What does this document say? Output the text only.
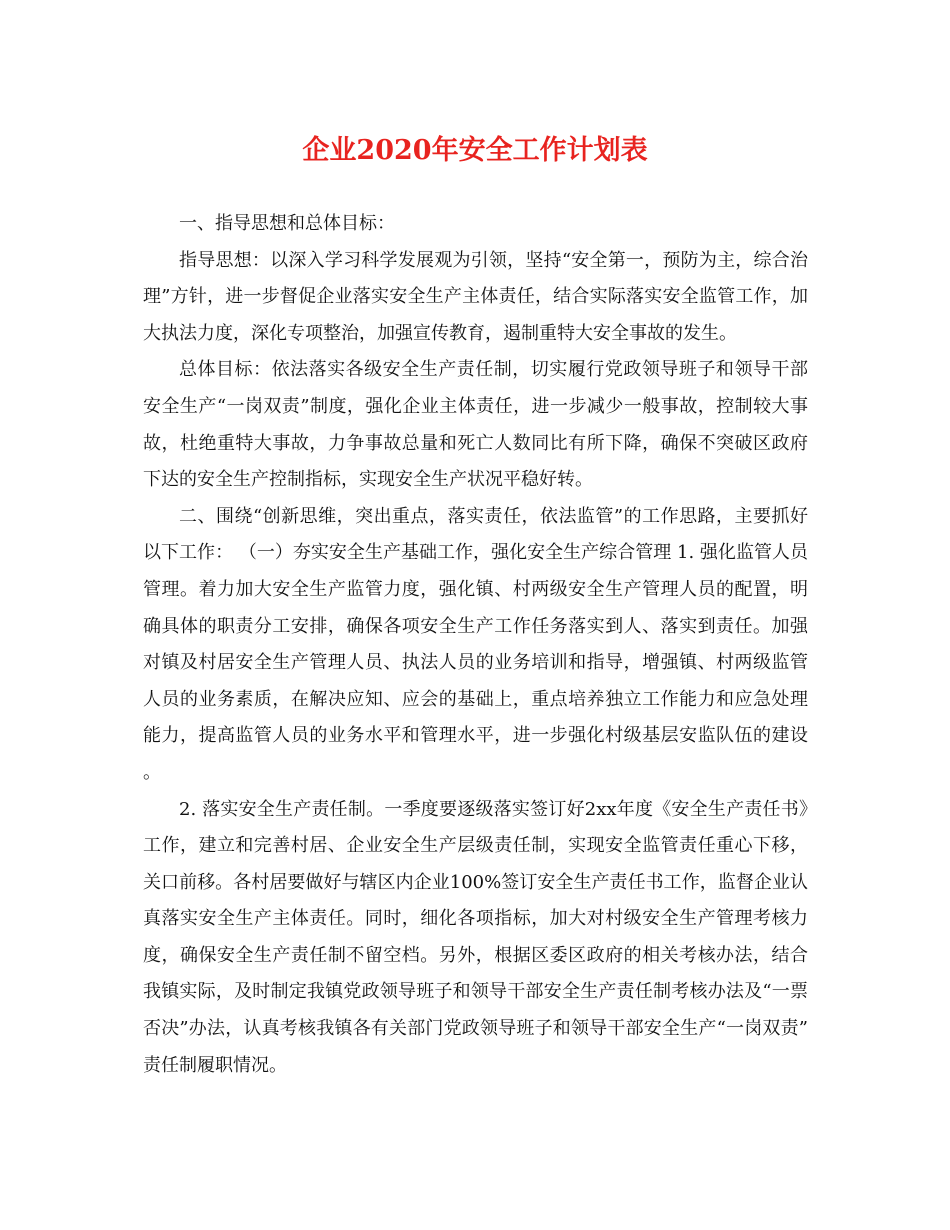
企业2020年安全工作计划表

一、指导思想和总体目标：

指导思想：以深入学习科学发展观为引领，坚持“安全第一，预防为主，综合治理”方针，进一步督促企业落实安全生产主体责任，结合实际落实安全监管工作，加大执法力度，深化专项整治，加强宣传教育，遏制重特大安全事故的发生。

总体目标：依法落实各级安全生产责任制，切实履行党政领导班子和领导干部安全生产“一岗双责”制度，强化企业主体责任，进一步减少一般事故，控制较大事故，杜绝重特大事故，力争事故总量和死亡人数同比有所下降，确保不突破区政府下达的安全生产控制指标，实现安全生产状况平稳好转。

二、围绕“创新思维，突出重点，落实责任，依法监管”的工作思路，主要抓好以下工作： （一）夯实安全生产基础工作，强化安全生产综合管理 1. 强化监管人员管理。着力加大安全生产监管力度，强化镇、村两级安全生产管理人员的配置，明确具体的职责分工安排，确保各项安全生产工作任务落实到人、落实到责任。加强对镇及村居安全生产管理人员、执法人员的业务培训和指导，增强镇、村两级监管人员的业务素质，在解决应知、应会的基础上，重点培养独立工作能力和应急处理能力，提高监管人员的业务水平和管理水平，进一步强化村级基层安监队伍的建设。

2. 落实安全生产责任制。一季度要逐级落实签订好2xx年度《安全生产责任书》工作，建立和完善村居、企业安全生产层级责任制，实现安全监管责任重心下移，关口前移。各村居要做好与辖区内企业100%签订安全生产责任书工作，监督企业认真落实安全生产主体责任。同时，细化各项指标，加大对村级安全生产管理考核力度，确保安全生产责任制不留空档。另外，根据区委区政府的相关考核办法，结合我镇实际，及时制定我镇党政领导班子和领导干部安全生产责任制考核办法及“一票否决”办法，认真考核我镇各有关部门党政领导班子和领导干部安全生产“一岗双责”责任制履职情况。
